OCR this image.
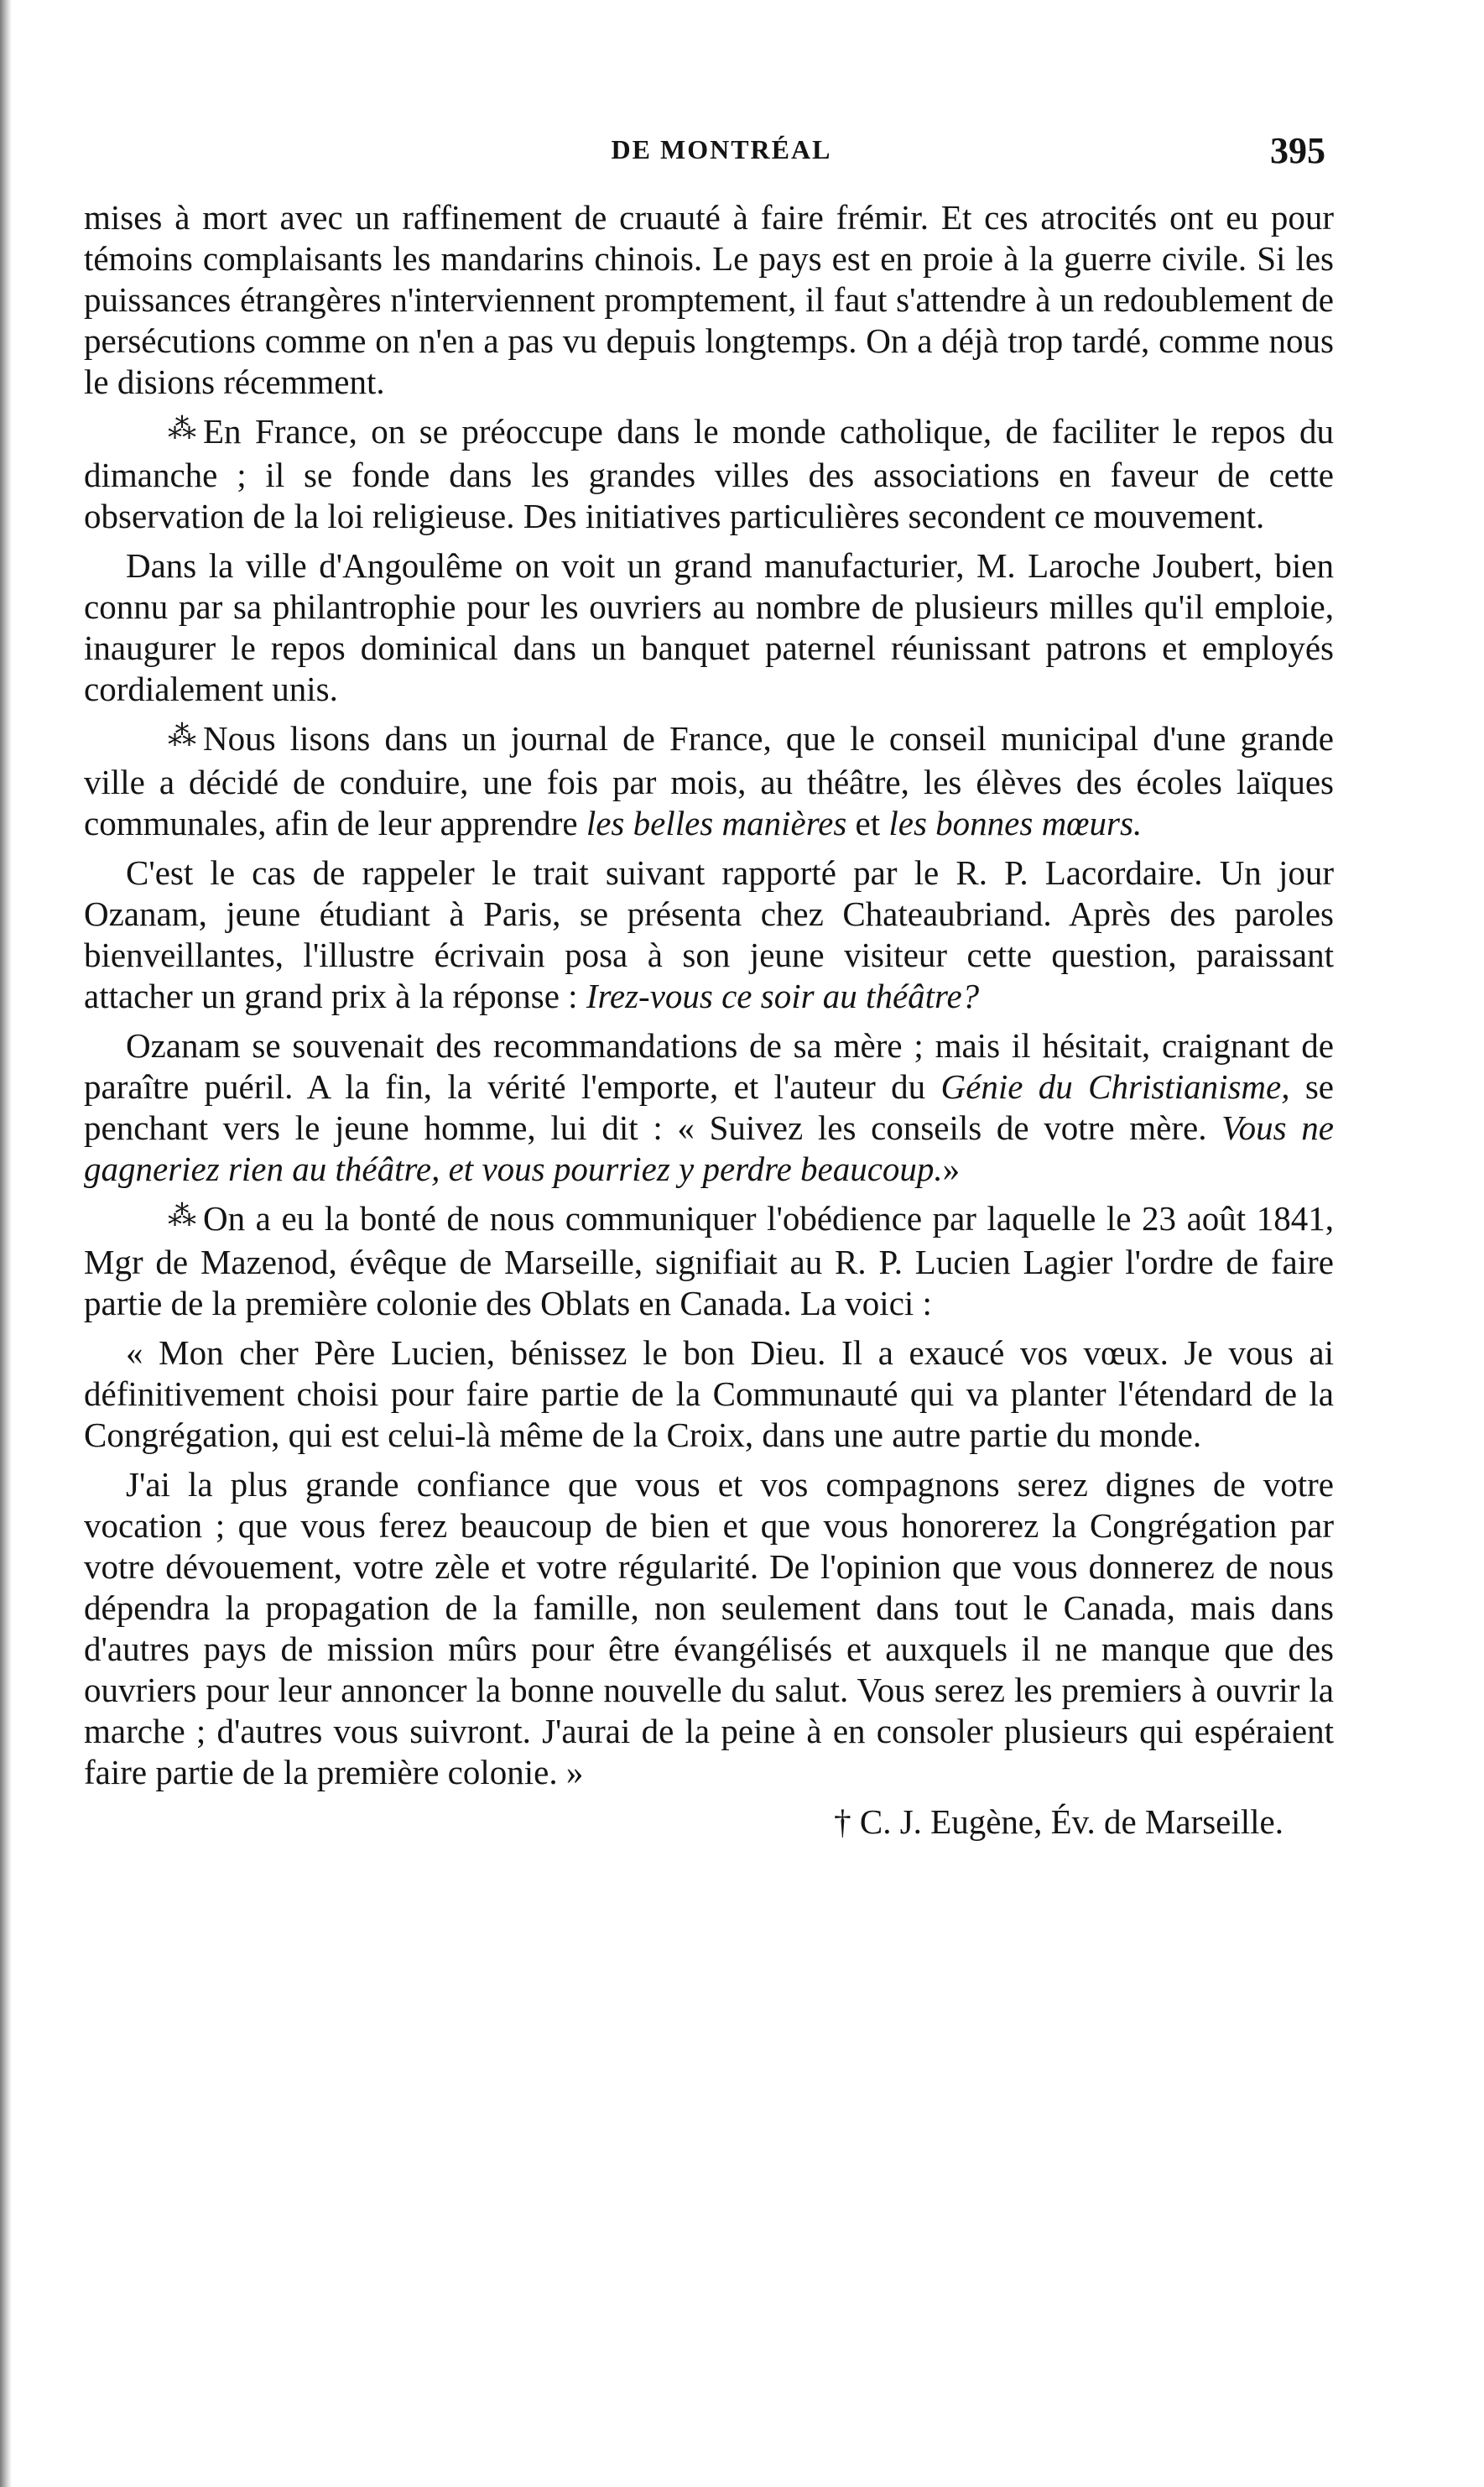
DE MONTRÉAL	395

mises à mort avec un raffinement de cruauté à faire frémir. Et ces atrocités ont eu pour témoins complaisants les mandarins chinois. Le pays est en proie à la guerre civile. Si les puissances étrangères n'interviennent promptement, il faut s'attendre à un redoublement de persécutions comme on n'en a pas vu depuis longtemps. On a déjà trop tardé, comme nous le disions récemment.

⁂ En France, on se préoccupe dans le monde catholique, de faciliter le repos du dimanche ; il se fonde dans les grandes villes des associations en faveur de cette observation de la loi religieuse. Des initiatives particulières secondent ce mouvement.

Dans la ville d'Angoulême on voit un grand manufacturier, M. Laroche Joubert, bien connu par sa philantrophie pour les ouvriers au nombre de plusieurs milles qu'il emploie, inaugurer le repos dominical dans un banquet paternel réunissant patrons et employés cordialement unis.

⁂ Nous lisons dans un journal de France, que le conseil municipal d'une grande ville a décidé de conduire, une fois par mois, au théâtre, les élèves des écoles laïques communales, afin de leur apprendre les belles manières et les bonnes mœurs.

C'est le cas de rappeler le trait suivant rapporté par le R. P. Lacordaire. Un jour Ozanam, jeune étudiant à Paris, se présenta chez Chateaubriand. Après des paroles bienveillantes, l'illustre écrivain posa à son jeune visiteur cette question, paraissant attacher un grand prix à la réponse : Irez-vous ce soir au théâtre?

Ozanam se souvenait des recommandations de sa mère ; mais il hésitait, craignant de paraître puéril. A la fin, la vérité l'emporte, et l'auteur du Génie du Christianisme, se penchant vers le jeune homme, lui dit : « Suivez les conseils de votre mère. Vous ne gagneriez rien au théâtre, et vous pourriez y perdre beaucoup.»

⁂ On a eu la bonté de nous communiquer l'obédience par laquelle le 23 août 1841, Mgr de Mazenod, évêque de Marseille, signifiait au R. P. Lucien Lagier l'ordre de faire partie de la première colonie des Oblats en Canada. La voici :

« Mon cher Père Lucien, bénissez le bon Dieu. Il a exaucé vos vœux. Je vous ai définitivement choisi pour faire partie de la Communauté qui va planter l'étendard de la Congrégation, qui est celui-là même de la Croix, dans une autre partie du monde.

J'ai la plus grande confiance que vous et vos compagnons serez dignes de votre vocation ; que vous ferez beaucoup de bien et que vous honorerez la Congrégation par votre dévouement, votre zèle et votre régularité. De l'opinion que vous donnerez de nous dépendra la propagation de la famille, non seulement dans tout le Canada, mais dans d'autres pays de mission mûrs pour être évangélisés et auxquels il ne manque que des ouvriers pour leur annoncer la bonne nouvelle du salut. Vous serez les premiers à ouvrir la marche ; d'autres vous suivront. J'aurai de la peine à en consoler plusieurs qui espéraient faire partie de la première colonie. »

† C. J. Eugène, Év. de Marseille.
